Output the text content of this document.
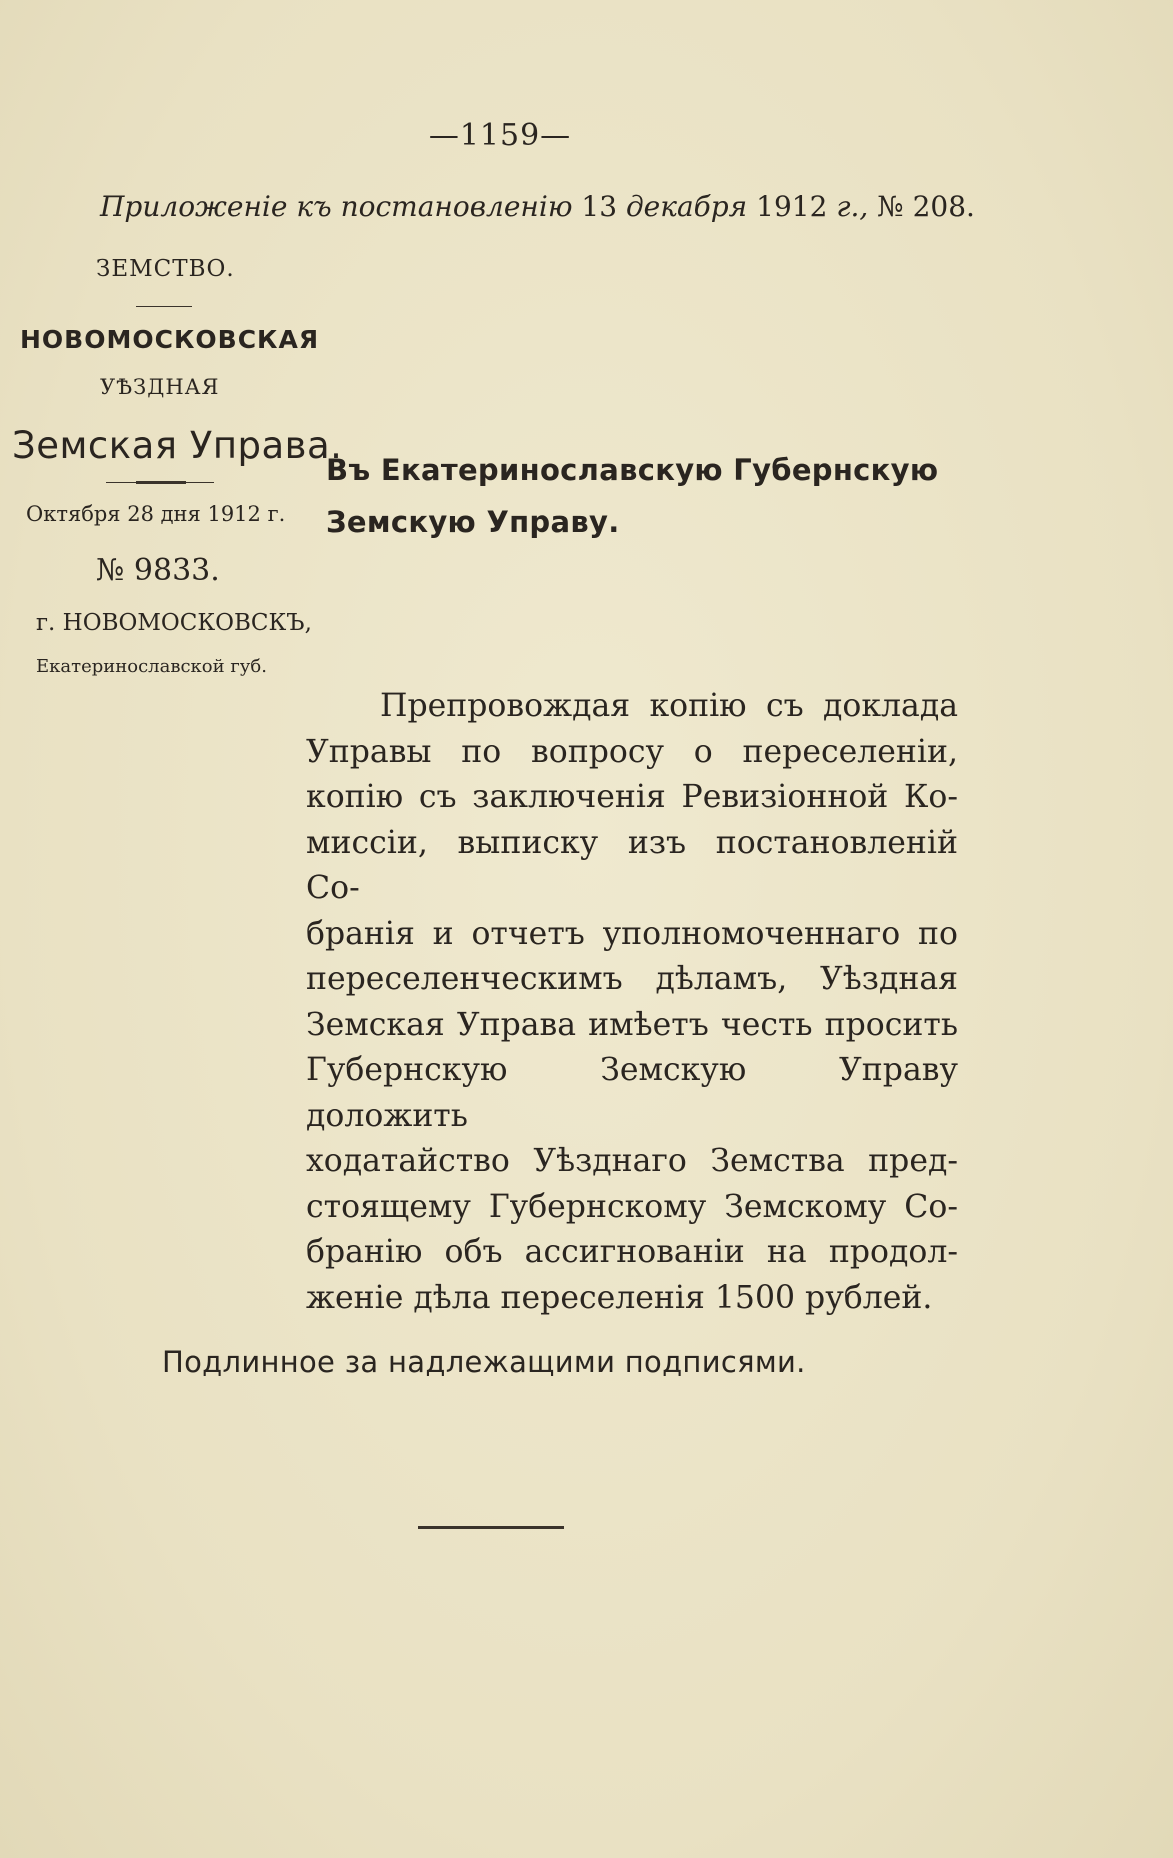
—1159—
Приложеніе къ постановленію 13 декабря 1912 г., № 208.
ЗЕМСТВО.
НОВОМОСКОВСКАЯ
УѢЗДНАЯ
Земская Управа.
Октября 28 дня 1912 г.
№ 9833.
г. НОВОМОСКОВСКЪ,
Екатеринославской губ.
Въ Екатеринославскую Губернскую Земскую Управу.
Препровождая копію съ доклада
Управы по вопросу о переселеніи,
копію съ заключенія Ревизіонной Ко-
миссіи, выписку изъ постановленій Со-
бранія и отчетъ уполномоченнаго по
переселенческимъ дѣламъ, Уѣздная
Земская Управа имѣетъ честь просить
Губернскую Земскую Управу доложить
ходатайство Уѣзднаго Земства пред-
стоящему Губернскому Земскому Со-
бранію объ ассигнованіи на продол-
женіе дѣла переселенія 1500 рублей.
Подлинное за надлежащими подписями.
